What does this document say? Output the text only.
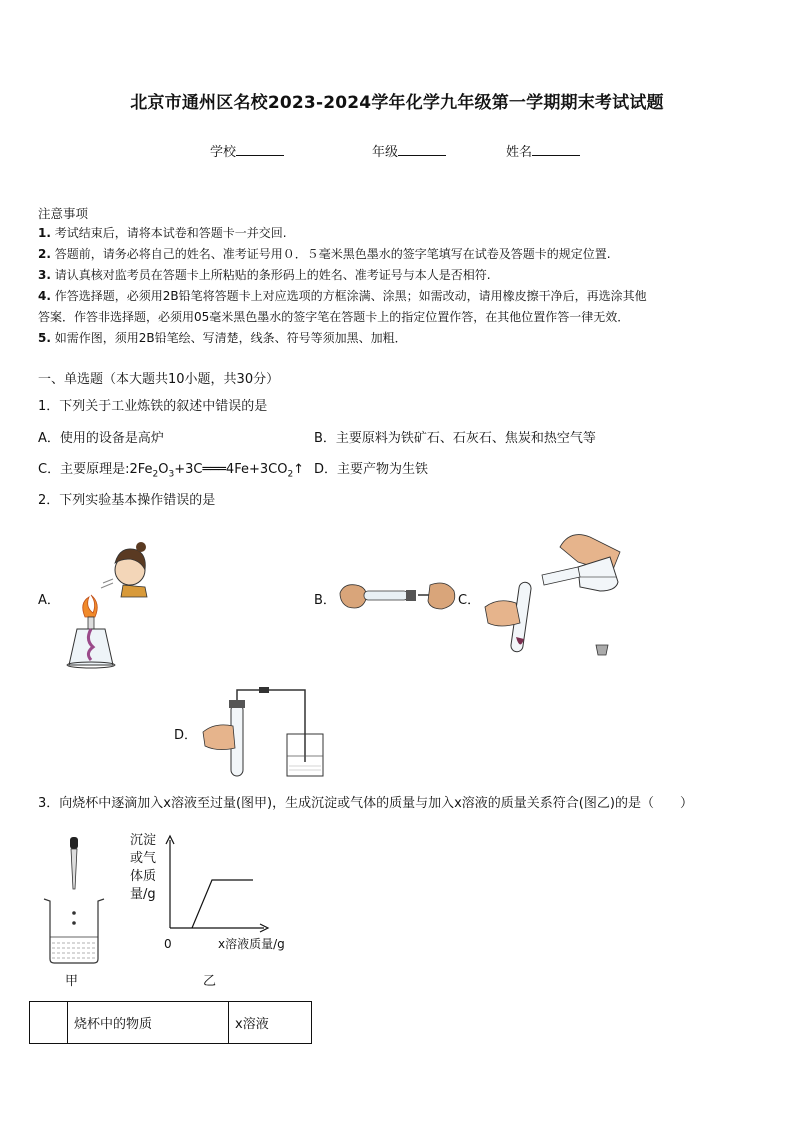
北京市通州区名校2023-2024学年化学九年级第一学期期末考试试题
学校	年级	姓名
注意事项
1. 考试结束后，请将本试卷和答题卡一并交回.
2. 答题前，请务必将自己的姓名、准考证号用０．５毫米黑色墨水的签字笔填写在试卷及答题卡的规定位置.
3. 请认真核对监考员在答题卡上所粘贴的条形码上的姓名、准考证号与本人是否相符.
4. 作答选择题，必须用2B铅笔将答题卡上对应选项的方框涂满、涂黑；如需改动，请用橡皮擦干净后，再选涂其他
答案．作答非选择题，必须用05毫米黑色墨水的签字笔在答题卡上的指定位置作答，在其他位置作答一律无效．
5. 如需作图，须用2B铅笔绘、写清楚，线条、符号等须加黑、加粗．
一、单选题（本大题共10小题，共30分）
1．下列关于工业炼铁的叙述中错误的是
A．使用的设备是高炉	B．主要原料为铁矿石、石灰石、焦炭和热空气等
C．主要原理是$:2Fe_2O_3+3C═══4Fe+3CO_2↑$ D．主要产物为生铁
2．下列实验基本操作错误的是
A．	B．	C．
D．
3．向烧杯中逐滴加入x溶液至过量(图甲)，生成沉淀或气体的质量与加入x溶液的质量关系符合(图乙)的是（　　）
甲
沉淀
或气
体质
量/g
0	x溶液质量/g
乙
	烧杯中的物质	x溶液
